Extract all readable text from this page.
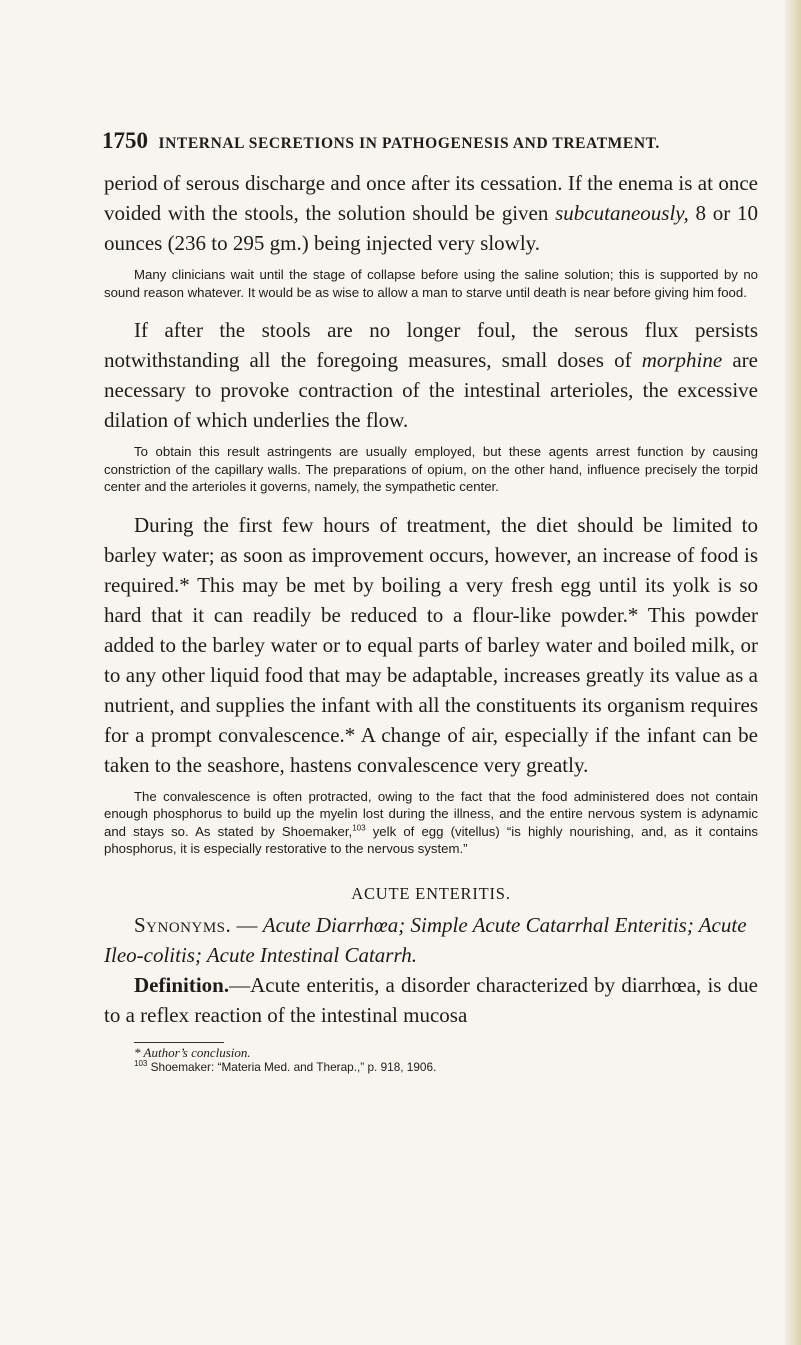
1750 INTERNAL SECRETIONS IN PATHOGENESIS AND TREATMENT.

period of serous discharge and once after its cessation. If the enema is at once voided with the stools, the solution should be given subcutaneously, 8 or 10 ounces (236 to 295 gm.) being injected very slowly.

Many clinicians wait until the stage of collapse before using the saline solution; this is supported by no sound reason whatever. It would be as wise to allow a man to starve until death is near before giving him food.

If after the stools are no longer foul, the serous flux persists notwithstanding all the foregoing measures, small doses of morphine are necessary to provoke contraction of the intestinal arterioles, the excessive dilation of which underlies the flow.

To obtain this result astringents are usually employed, but these agents arrest function by causing constriction of the capillary walls. The preparations of opium, on the other hand, influence precisely the torpid center and the arterioles it governs, namely, the sympathetic center.

During the first few hours of treatment, the diet should be limited to barley water; as soon as improvement occurs, however, an increase of food is required.* This may be met by boiling a very fresh egg until its yolk is so hard that it can readily be reduced to a flour-like powder.* This powder added to the barley water or to equal parts of barley water and boiled milk, or to any other liquid food that may be adaptable, increases greatly its value as a nutrient, and supplies the infant with all the constituents its organism requires for a prompt convalescence.* A change of air, especially if the infant can be taken to the seashore, hastens convalescence very greatly.

The convalescence is often protracted, owing to the fact that the food administered does not contain enough phosphorus to build up the myelin lost during the illness, and the entire nervous system is adynamic and stays so. As stated by Shoemaker,$^{103}$ yelk of egg (vitellus) “is highly nourishing, and, as it contains phosphorus, it is especially restorative to the nervous system.”

ACUTE ENTERITIS.

Synonyms. — Acute Diarrhœa; Simple Acute Catarrhal Enteritis; Acute Ileo-colitis; Acute Intestinal Catarrh.

Definition.—Acute enteritis, a disorder characterized by diarrhœa, is due to a reflex reaction of the intestinal mucosa

* Author’s conclusion.
$^{103}$ Shoemaker: “Materia Med. and Therap.,” p. 918, 1906.
